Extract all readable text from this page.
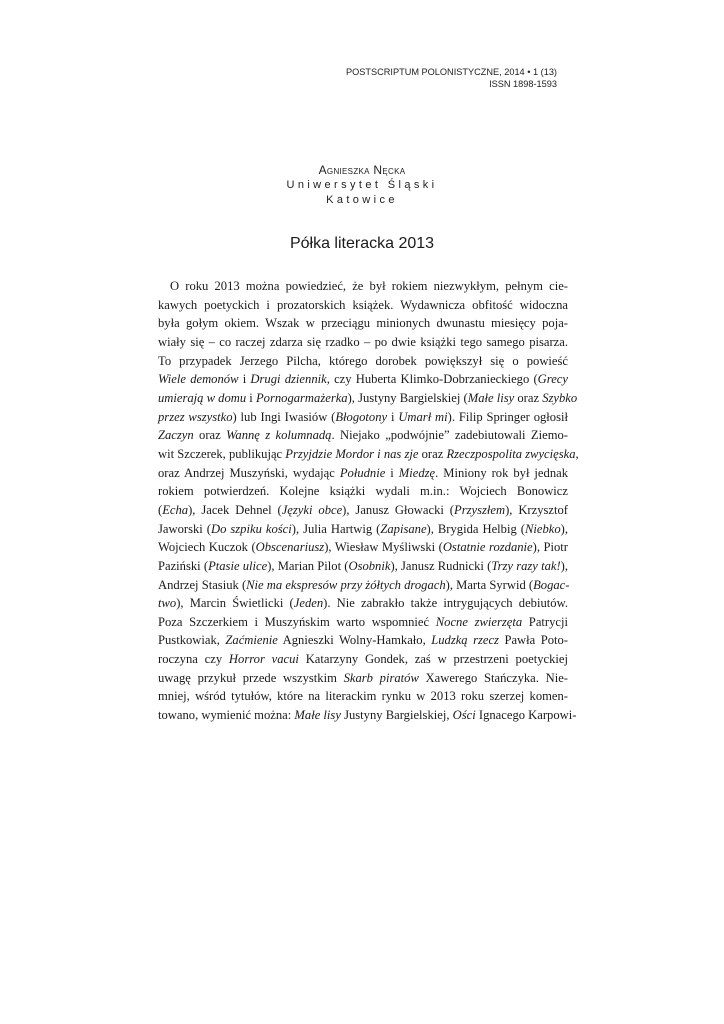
POSTSCRIPTUM POLONISTYCZNE, 2014 • 1 (13)
ISSN 1898-1593
Agnieszka Nęcka
Uniwersytet Śląski
Katowice
Półka literacka 2013
O roku 2013 można powiedzieć, że był rokiem niezwykłym, pełnym cie-
kawych poetyckich i prozatorskich książek. Wydawnicza obfitość widoczna
była gołym okiem. Wszak w przeciągu minionych dwunastu miesięcy poja-
wiały się – co raczej zdarza się rzadko – po dwie książki tego samego pisarza.
To przypadek Jerzego Pilcha, którego dorobek powiększył się o powieść
Wiele demonów i Drugi dziennik, czy Huberta Klimko-Dobrzanieckiego (Grecy
umierają w domu i Pornogarmażerka), Justyny Bargielskiej (Małe lisy oraz Szybko
przez wszystko) lub Ingi Iwasiów (Błogotony i Umarł mi). Filip Springer ogłosił
Zaczyn oraz Wannę z kolumnadą. Niejako „podwójnie” zadebiutowali Ziemo-
wit Szczerek, publikując Przyjdzie Mordor i nas zje oraz Rzeczpospolita zwycięska,
oraz Andrzej Muszyński, wydając Południe i Miedzę. Miniony rok był jednak
rokiem potwierdzeń. Kolejne książki wydali m.in.: Wojciech Bonowicz
(Echa), Jacek Dehnel (Języki obce), Janusz Głowacki (Przyszłem), Krzysztof
Jaworski (Do szpiku kości), Julia Hartwig (Zapisane), Brygida Helbig (Niebko),
Wojciech Kuczok (Obscenariusz), Wiesław Myśliwski (Ostatnie rozdanie), Piotr
Paziński (Ptasie ulice), Marian Pilot (Osobnik), Janusz Rudnicki (Trzy razy tak!),
Andrzej Stasiuk (Nie ma ekspresów przy żółtych drogach), Marta Syrwid (Bogac-
two), Marcin Świetlicki (Jeden). Nie zabrakło także intrygujących debiutów.
Poza Szczerkiem i Muszyńskim warto wspomnieć Nocne zwierzęta Patrycji
Pustkowiak, Zaćmienie Agnieszki Wolny-Hamkało, Ludzką rzecz Pawła Poto-
roczyna czy Horror vacui Katarzyny Gondek, zaś w przestrzeni poetyckiej
uwagę przykuł przede wszystkim Skarb piratów Xawerego Stańczyka. Nie-
mniej, wśród tytułów, które na literackim rynku w 2013 roku szerzej komen-
towano, wymienić można: Małe lisy Justyny Bargielskiej, Ości Ignacego Karpowi-
